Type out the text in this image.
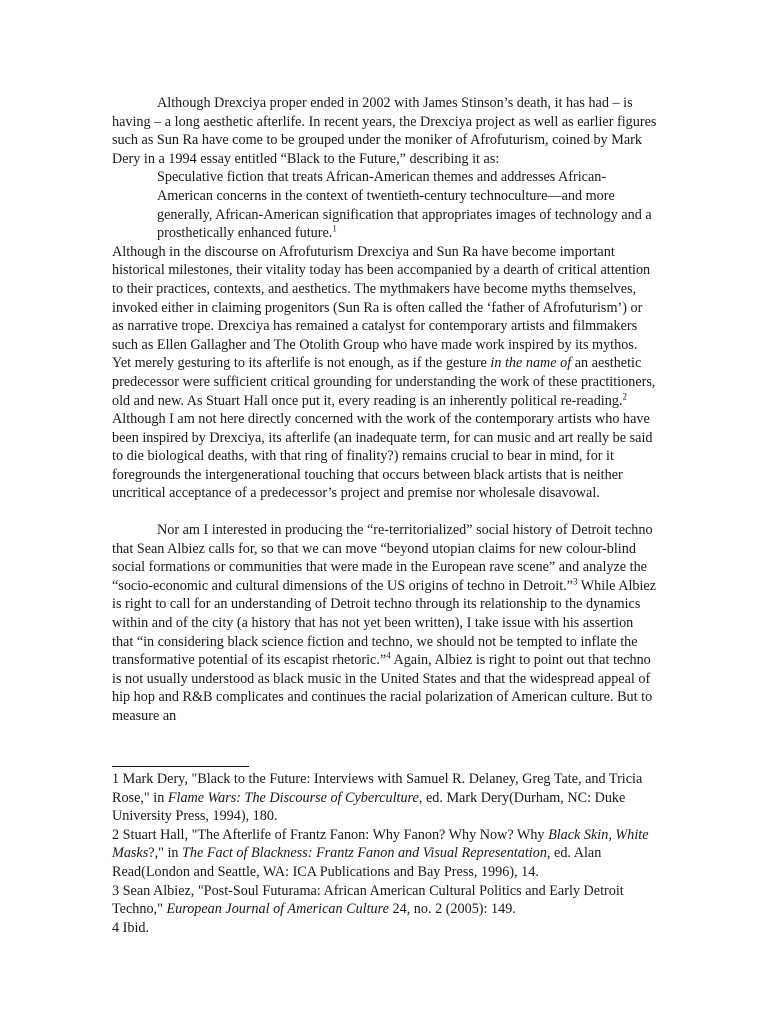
Although Drexciya proper ended in 2002 with James Stinson’s death, it has had – is having – a long aesthetic afterlife. In recent years, the Drexciya project as well as earlier figures such as Sun Ra have come to be grouped under the moniker of Afrofuturism, coined by Mark Dery in a 1994 essay entitled “Black to the Future,” describing it as:

Speculative fiction that treats African-American themes and addresses African-American concerns in the context of twentieth-century technoculture—and more generally, African-American signification that appropriates images of technology and a prosthetically enhanced future.$^1$

Although in the discourse on Afrofuturism Drexciya and Sun Ra have become important historical milestones, their vitality today has been accompanied by a dearth of critical attention to their practices, contexts, and aesthetics. The mythmakers have become myths themselves, invoked either in claiming progenitors (Sun Ra is often called the ‘father of Afrofuturism’) or as narrative trope. Drexciya has remained a catalyst for contemporary artists and filmmakers such as Ellen Gallagher and The Otolith Group who have made work inspired by its mythos. Yet merely gesturing to its afterlife is not enough, as if the gesture in the name of an aesthetic predecessor were sufficient critical grounding for understanding the work of these practitioners, old and new. As Stuart Hall once put it, every reading is an inherently political re-reading.$^2$ Although I am not here directly concerned with the work of the contemporary artists who have been inspired by Drexciya, its afterlife (an inadequate term, for can music and art really be said to die biological deaths, with that ring of finality?) remains crucial to bear in mind, for it foregrounds the intergenerational touching that occurs between black artists that is neither uncritical acceptance of a predecessor’s project and premise nor wholesale disavowal.

Nor am I interested in producing the “re-territorialized” social history of Detroit techno that Sean Albiez calls for, so that we can move “beyond utopian claims for new colour-blind social formations or communities that were made in the European rave scene” and analyze the “socio-economic and cultural dimensions of the US origins of techno in Detroit.”$^3$ While Albiez is right to call for an understanding of Detroit techno through its relationship to the dynamics within and of the city (a history that has not yet been written), I take issue with his assertion that “in considering black science fiction and techno, we should not be tempted to inflate the transformative potential of its escapist rhetoric.”$^4$ Again, Albiez is right to point out that techno is not usually understood as black music in the United States and that the widespread appeal of hip hop and R&B complicates and continues the racial polarization of American culture. But to measure an

1 Mark Dery, "Black to the Future: Interviews with Samuel R. Delaney, Greg Tate, and Tricia Rose," in Flame Wars: The Discourse of Cyberculture, ed. Mark Dery(Durham, NC: Duke University Press, 1994), 180.

2 Stuart Hall, "The Afterlife of Frantz Fanon: Why Fanon? Why Now? Why Black Skin, White Masks?," in The Fact of Blackness: Frantz Fanon and Visual Representation, ed. Alan Read(London and Seattle, WA: ICA Publications and Bay Press, 1996), 14.

3 Sean Albiez, "Post-Soul Futurama: African American Cultural Politics and Early Detroit Techno," European Journal of American Culture 24, no. 2 (2005): 149.

4 Ibid.
